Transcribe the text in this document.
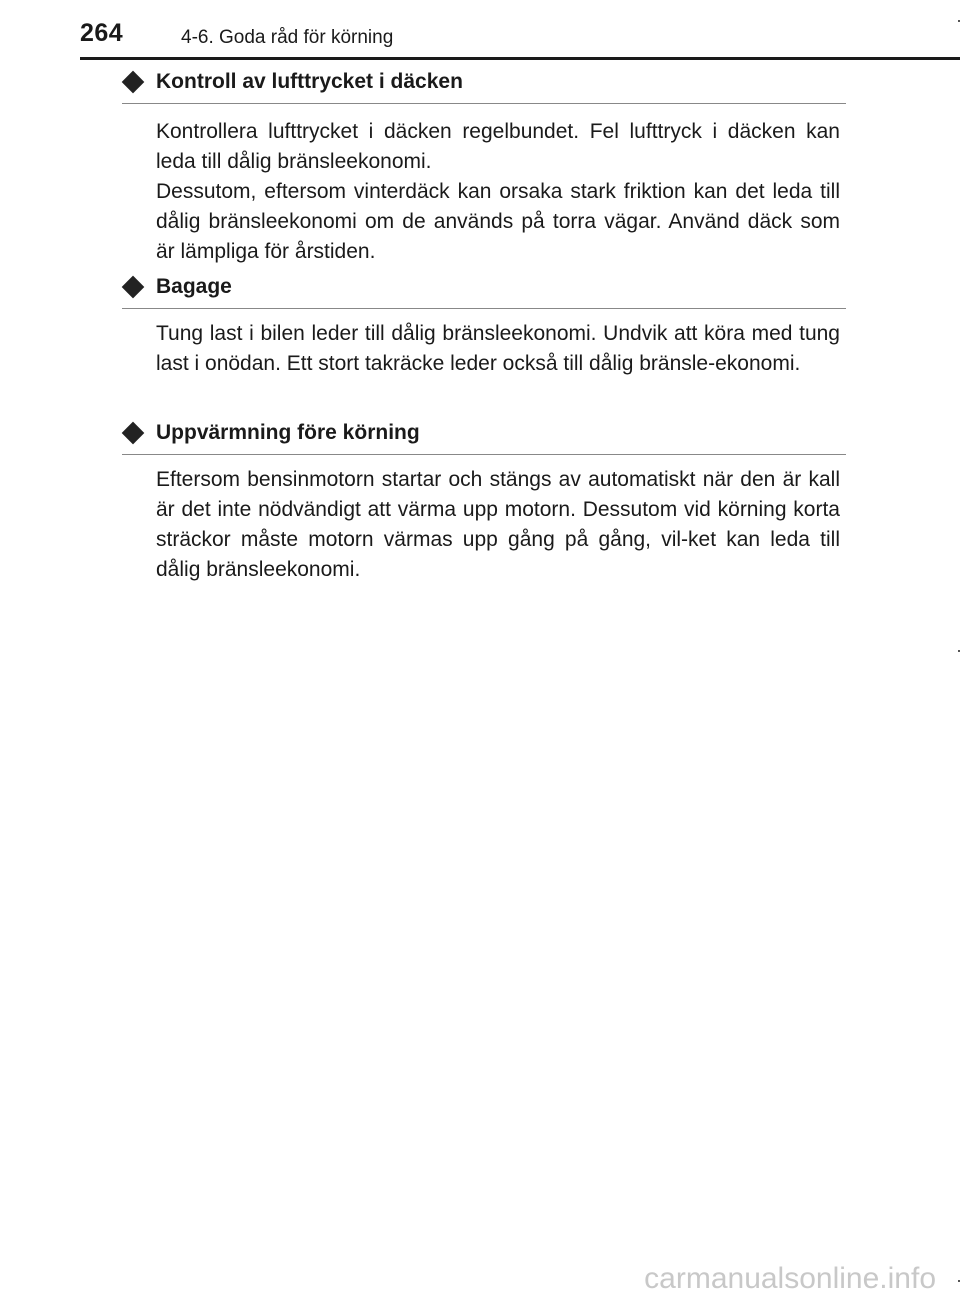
264	4-6. Goda råd för körning
Kontroll av lufttrycket i däcken

Kontrollera lufttrycket i däcken regelbundet. Fel lufttryck i däcken kan leda till dålig bränsleekonomi.

Dessutom, eftersom vinterdäck kan orsaka stark friktion kan det leda till dålig bränsleekonomi om de används på torra vägar. Använd däck som är lämpliga för årstiden.

Bagage

Tung last i bilen leder till dålig bränsleekonomi. Undvik att köra med tung last i onödan. Ett stort takräcke leder också till dålig bränsle-ekonomi.

Uppvärmning före körning

Eftersom bensinmotorn startar och stängs av automatiskt när den är kall är det inte nödvändigt att värma upp motorn. Dessutom vid körning korta sträckor måste motorn värmas upp gång på gång, vil-ket kan leda till dålig bränsleekonomi.

carmanualsonline.info
